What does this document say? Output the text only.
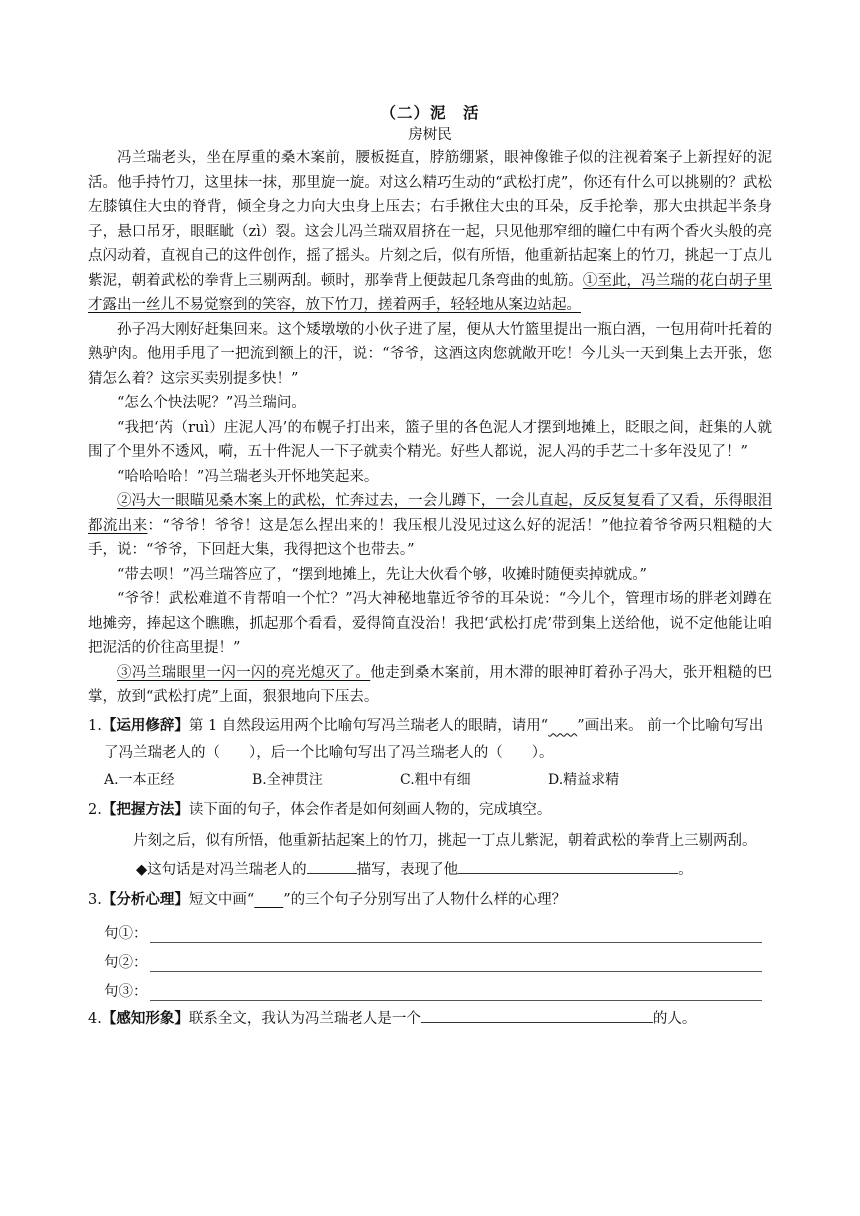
（二）泥　活
房树民

冯兰瑞老头，坐在厚重的桑木案前，腰板挺直，脖筋绷紧，眼神像锥子似的注视着案子上新捏好的泥活。他手持竹刀，这里抹一抹，那里旋一旋。对这么精巧生动的“武松打虎”，你还有什么可以挑剔的？武松左膝镇住大虫的脊背，倾全身之力向大虫身上压去；右手揪住大虫的耳朵，反手抡拳，那大虫拱起半条身子，悬口吊牙，眼眶眦（zì）裂。这会儿冯兰瑞双眉挤在一起，只见他那窄细的瞳仁中有两个香火头般的亮点闪动着，直视自己的这件创作，摇了摇头。片刻之后，似有所悟，他重新拈起案上的竹刀，挑起一丁点儿紫泥，朝着武松的拳背上三剔两刮。顿时，那拳背上便鼓起几条弯曲的虬筋。①至此，冯兰瑞的花白胡子里才露出一丝儿不易觉察到的笑容，放下竹刀，搓着两手，轻轻地从案边站起。

孙子冯大刚好赶集回来。这个矮墩墩的小伙子进了屋，便从大竹篮里提出一瓶白酒，一包用荷叶托着的熟驴肉。他用手甩了一把流到额上的汗，说：“爷爷，这酒这肉您就敞开吃！今儿头一天到集上去开张，您猜怎么着？这宗买卖别提多快！”

“怎么个快法呢？”冯兰瑞问。

“我把‘芮（ruì）庄泥人冯’的布幌子打出来，篮子里的各色泥人才摆到地摊上，眨眼之间，赶集的人就围了个里外不透风，嗬，五十件泥人一下子就卖个精光。好些人都说，泥人冯的手艺二十多年没见了！”

“哈哈哈哈！”冯兰瑞老头开怀地笑起来。

②冯大一眼瞄见桑木案上的武松，忙奔过去，一会儿蹲下，一会儿直起，反反复复看了又看，乐得眼泪都流出来：“爷爷！爷爷！这是怎么捏出来的！我压根儿没见过这么好的泥活！”他拉着爷爷两只粗糙的大手，说：“爷爷，下回赶大集，我得把这个也带去。”

“带去呗！”冯兰瑞答应了，“摆到地摊上，先让大伙看个够，收摊时随便卖掉就成。”

“爷爷！武松难道不肯帮咱一个忙？”冯大神秘地靠近爷爷的耳朵说：“今儿个，管理市场的胖老刘蹲在地摊旁，捧起这个瞧瞧，抓起那个看看，爱得简直没治！我把‘武松打虎’带到集上送给他，说不定他能让咱把泥活的价往高里提！”

③冯兰瑞眼里一闪一闪的亮光熄灭了。他走到桑木案前，用木滞的眼神盯着孙子冯大，张开粗糙的巴掌，放到“武松打虎”上面，狠狠地向下压去。

1.【运用修辞】第 1 自然段运用两个比喻句写冯兰瑞老人的眼睛，请用“　　 ”画出来。 前一个比喻句写出了冯兰瑞老人的（　　），后一个比喻句写出了冯兰瑞老人的（　　）。

A.一本正经	B.全神贯注	C.粗中有细	D.精益求精

2.【把握方法】读下面的句子，体会作者是如何刻画人物的，完成填空。

片刻之后，似有所悟，他重新拈起案上的竹刀，挑起一丁点儿紫泥，朝着武松的拳背上三剔两刮。

◆这句话是对冯兰瑞老人的	描写，表现了他	。

3.【分析心理】短文中画“　　 ”的三个句子分别写出了人物什么样的心理？

句①：
句②：
句③：

4.【感知形象】联系全文，我认为冯兰瑞老人是一个	的人。
